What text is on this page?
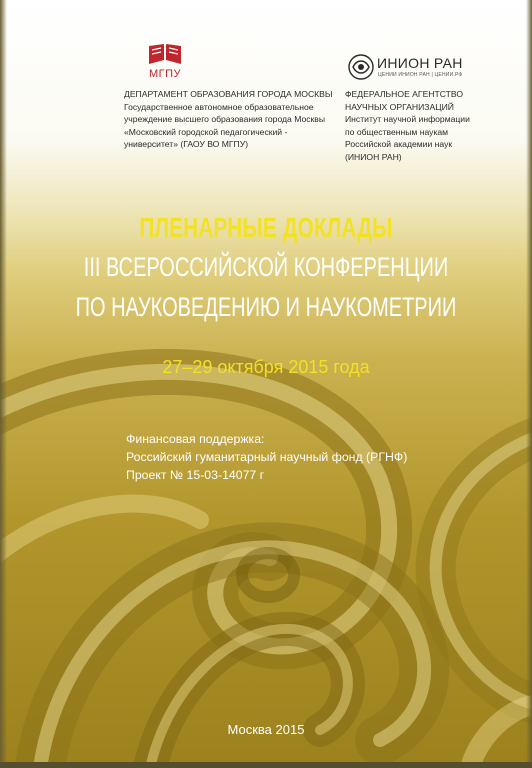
МГПУ
ИНИОН РАН
ЦЕНИИ ИНИОН РАН | ЦЕНИИ.РФ
ДЕПАРТАМЕНТ ОБРАЗОВАНИЯ ГОРОДА МОСКВЫ
Государственное автономное образовательное
учреждение высшего образования города Москвы
«Московский городской педагогический -
университет» (ГАОУ ВО МГПУ)
ФЕДЕРАЛЬНОЕ АГЕНТСТВО
НАУЧНЫХ ОРГАНИЗАЦИЙ
Институт научной информации
по общественным наукам
Российской академии наук
(ИНИОН РАН)
ПЛЕНАРНЫЕ ДОКЛАДЫ
III ВСЕРОССИЙСКОЙ КОНФЕРЕНЦИИ
ПО НАУКОВЕДЕНИЮ И НАУКОМЕТРИИ
27–29 октября 2015 года
Финансовая поддержка:
Российский гуманитарный научный фонд (РГНФ)
Проект № 15-03-14077 г
Москва 2015
